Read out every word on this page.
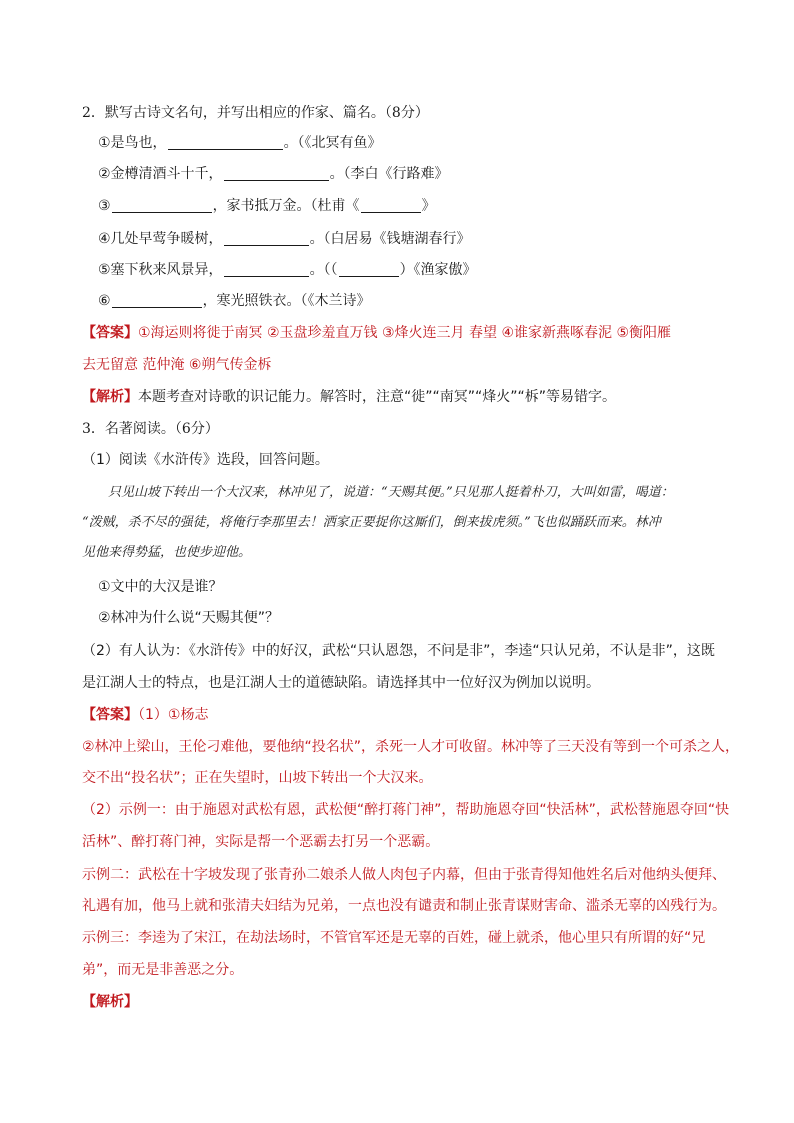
2．默写古诗文名句，并写出相应的作家、篇名。（8分）
①是鸟也，	。（《北冥有鱼》
②金樽清酒斗十千，	。（李白《行路难》
③	，家书抵万金。（杜甫《	》
④几处早莺争暖树，	。（白居易《钱塘湖春行》
⑤塞下秋来风景异，	。（（	）《渔家傲》
⑥	，寒光照铁衣。（《木兰诗》
【答案】①海运则将徙于南冥 ②玉盘珍羞直万钱 ③烽火连三月 春望 ④谁家新燕啄春泥 ⑤衡阳雁
去无留意 范仲淹 ⑥朔气传金柝
【解析】本题考查对诗歌的识记能力。解答时，注意“徙”“南冥”“烽火”“柝”等易错字。
3．名著阅读。（6分）
（1）阅读《水浒传》选段，回答问题。
只见山坡下转出一个大汉来，林冲见了，说道：“天赐其便。”只见那人挺着朴刀，大叫如雷，喝道：
“泼贼，杀不尽的强徒，将俺行李那里去！洒家正要捉你这厮们，倒来拔虎须。”飞也似踊跃而来。林冲
见他来得势猛，也使步迎他。
①文中的大汉是谁？
②林冲为什么说“天赐其便”？
（2）有人认为：《水浒传》中的好汉，武松“只认恩怨，不问是非”，李逵“只认兄弟，不认是非”，这既
是江湖人士的特点，也是江湖人士的道德缺陷。请选择其中一位好汉为例加以说明。
【答案】（1）①杨志
②林冲上梁山，王伦刁难他，要他纳“投名状”，杀死一人才可收留。林冲等了三天没有等到一个可杀之人，
交不出“投名状”；正在失望时，山坡下转出一个大汉来。
（2）示例一：由于施恩对武松有恩，武松便“醉打蒋门神”，帮助施恩夺回“快活林”，武松替施恩夺回“快
活林”、醉打蒋门神，实际是帮一个恶霸去打另一个恶霸。
示例二：武松在十字坡发现了张青孙二娘杀人做人肉包子内幕，但由于张青得知他姓名后对他纳头便拜、
礼遇有加，他马上就和张清夫妇结为兄弟，一点也没有谴责和制止张青谋财害命、滥杀无辜的凶残行为。
示例三：李逵为了宋江，在劫法场时，不管官军还是无辜的百姓，碰上就杀，他心里只有所谓的好“兄
弟”，而无是非善恶之分。
【解析】
